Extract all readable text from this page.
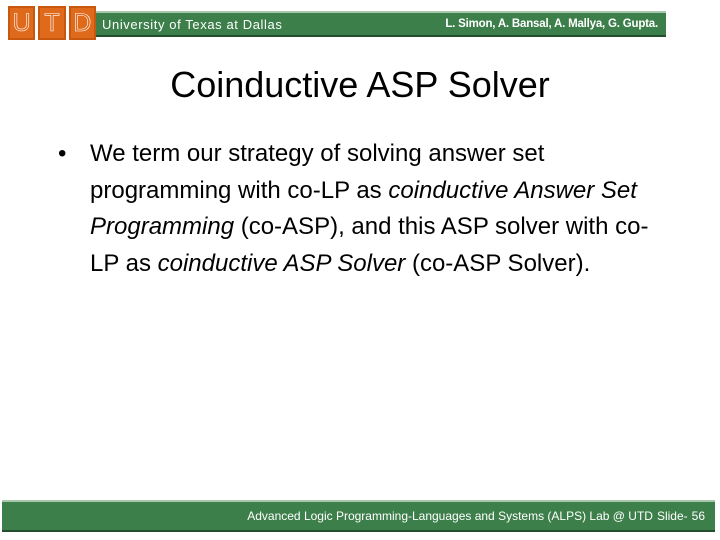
U T D University of Texas at Dallas	L. Simon, A. Bansal, A. Mallya, G. Gupta.
Coinductive ASP Solver
• We term our strategy of solving answer set programming with co-LP as coinductive Answer Set Programming (co-ASP), and this ASP solver with co-LP as coinductive ASP Solver (co-ASP Solver).
Advanced Logic Programming-Languages and Systems (ALPS) Lab @ UTD Slide- 56
